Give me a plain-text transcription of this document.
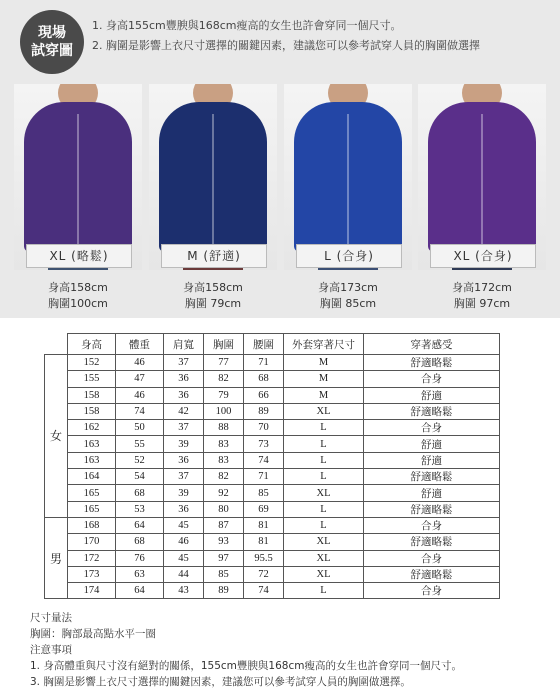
現場
試穿圖
1. 身高155cm豐腴與168cm瘦高的女生也許會穿同一個尺寸。
2. 胸圍是影響上衣尺寸選擇的關鍵因素，建議您可以參考試穿人員的胸圍做選擇
XL (略鬆)	M (舒適)	L (合身)	XL (合身)
身高158cm
胸圍100cm
身高158cm
胸圍 79cm
身高173cm
胸圍 85cm
身高172cm
胸圍 97cm
	身高	體重	肩寬	胸圍	腰圍	外套穿著尺寸	穿著感受
女	152	46	37	77	71	M	舒適略鬆
	155	47	36	82	68	M	合身
	158	46	36	79	66	M	舒適
	158	74	42	100	89	XL	舒適略鬆
	162	50	37	88	70	L	合身
	163	55	39	83	73	L	舒適
	163	52	36	83	74	L	舒適
	164	54	37	82	71	L	舒適略鬆
	165	68	39	92	85	XL	舒適
	165	53	36	80	69	L	舒適略鬆
男	168	64	45	87	81	L	合身
	170	68	46	93	81	XL	舒適略鬆
	172	76	45	97	95.5	XL	合身
	173	63	44	85	72	XL	舒適略鬆
	174	64	43	89	74	L	合身
尺寸量法
胸圍：胸部最高點水平一圈
注意事項
1. 身高體重與尺寸沒有絕對的關係，155cm豐腴與168cm瘦高的女生也許會穿同一個尺寸。
3. 胸圍是影響上衣尺寸選擇的關鍵因素，建議您可以參考試穿人員的胸圍做選擇。
